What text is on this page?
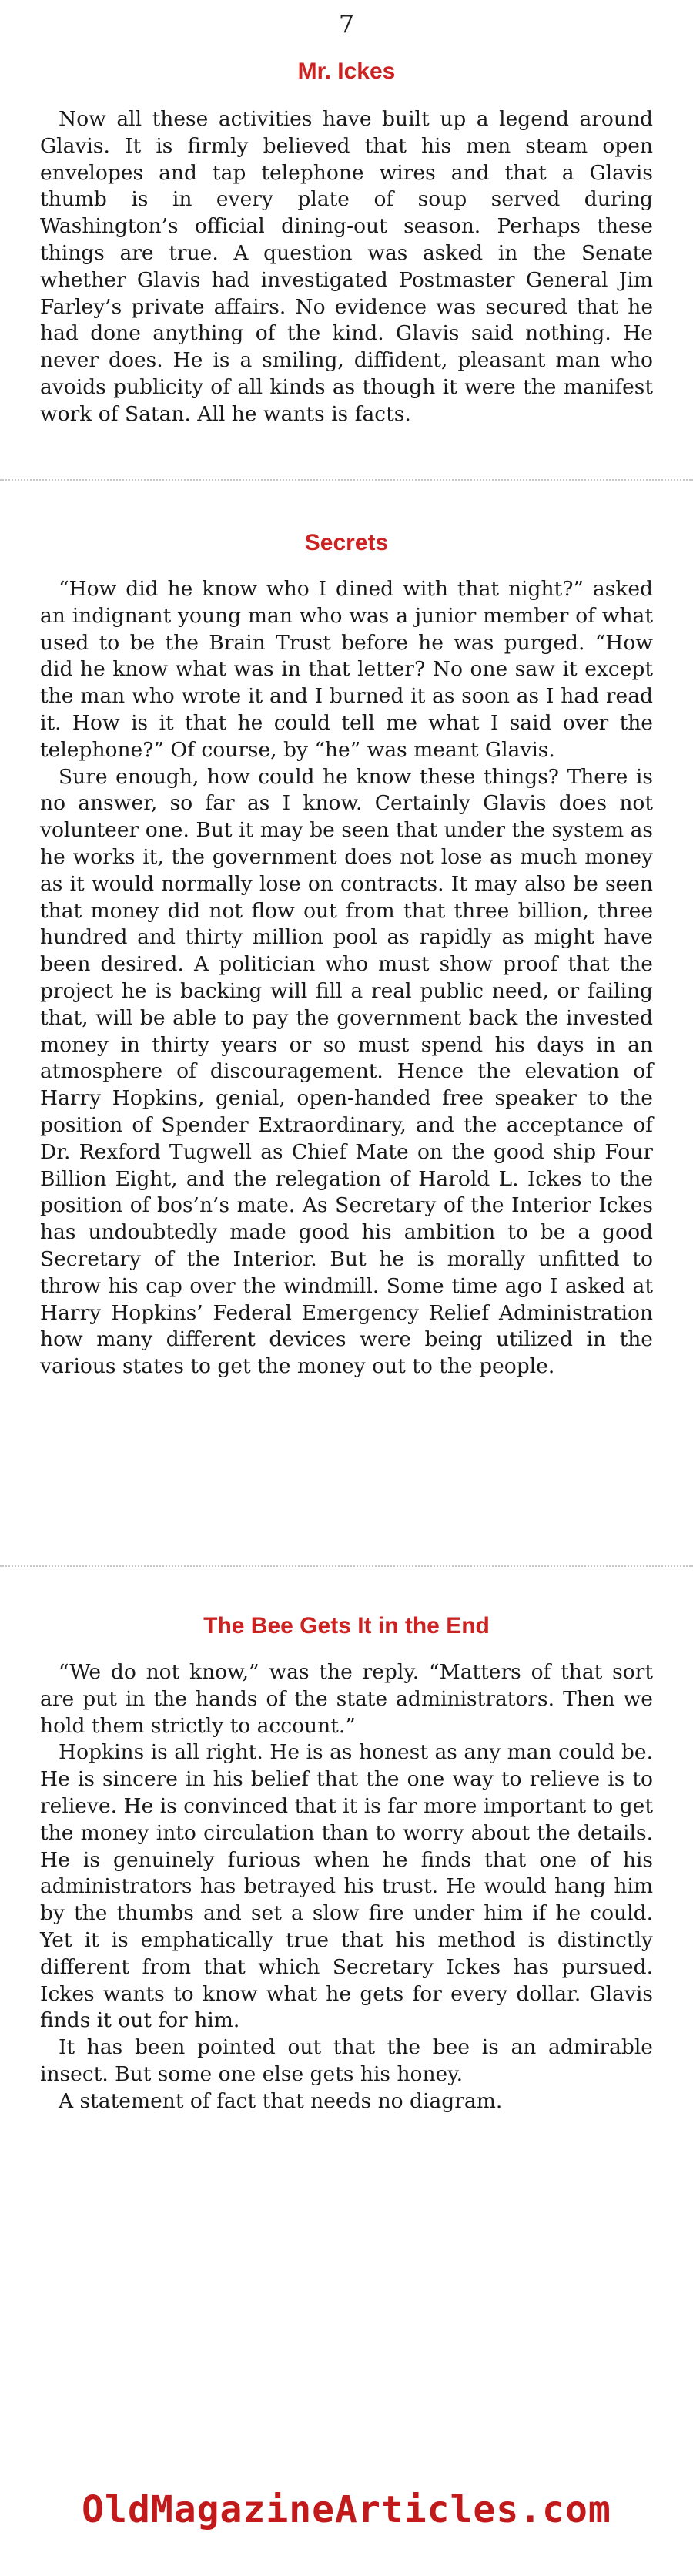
7
Mr. Ickes

Now all these activities have built up a legend around Glavis. It is firmly believed that his men steam open envelopes and tap telephone wires and that a Glavis thumb is in every plate of soup served during Washington’s official dining-out season. Perhaps these things are true. A question was asked in the Senate whether Glavis had investigated Postmaster General Jim Farley’s private affairs. No evidence was secured that he had done anything of the kind. Glavis said nothing. He never does. He is a smiling, diffident, pleasant man who avoids publicity of all kinds as though it were the manifest work of Satan. All he wants is facts.

Secrets

“How did he know who I dined with that night?” asked an indignant young man who was a junior member of what used to be the Brain Trust before he was purged. “How did he know what was in that letter? No one saw it except the man who wrote it and I burned it as soon as I had read it. How is it that he could tell me what I said over the telephone?” Of course, by “he” was meant Glavis.

Sure enough, how could he know these things? There is no answer, so far as I know. Certainly Glavis does not volunteer one. But it may be seen that under the system as he works it, the government does not lose as much money as it would normally lose on contracts. It may also be seen that money did not flow out from that three billion, three hundred and thirty million pool as rapidly as might have been desired. A politician who must show proof that the project he is backing will fill a real public need, or failing that, will be able to pay the government back the invested money in thirty years or so must spend his days in an atmosphere of discouragement. Hence the elevation of Harry Hopkins, genial, open-handed free speaker to the position of Spender Extraordinary, and the acceptance of Dr. Rexford Tugwell as Chief Mate on the good ship Four Billion Eight, and the relegation of Harold L. Ickes to the position of bos’n’s mate. As Secretary of the Interior Ickes has undoubtedly made good his ambition to be a good Secretary of the Interior. But he is morally unfitted to throw his cap over the windmill. Some time ago I asked at Harry Hopkins’ Federal Emergency Relief Administration how many different devices were being utilized in the various states to get the money out to the people.

The Bee Gets It in the End

“We do not know,” was the reply. “Matters of that sort are put in the hands of the state administrators. Then we hold them strictly to account.”

Hopkins is all right. He is as honest as any man could be. He is sincere in his belief that the one way to relieve is to relieve. He is convinced that it is far more important to get the money into circulation than to worry about the details. He is genuinely furious when he finds that one of his administrators has betrayed his trust. He would hang him by the thumbs and set a slow fire under him if he could. Yet it is emphatically true that his method is distinctly different from that which Secretary Ickes has pursued. Ickes wants to know what he gets for every dollar. Glavis finds it out for him.

It has been pointed out that the bee is an admirable insect. But some one else gets his honey.

A statement of fact that needs no diagram.

OldMagazineArticles.com
